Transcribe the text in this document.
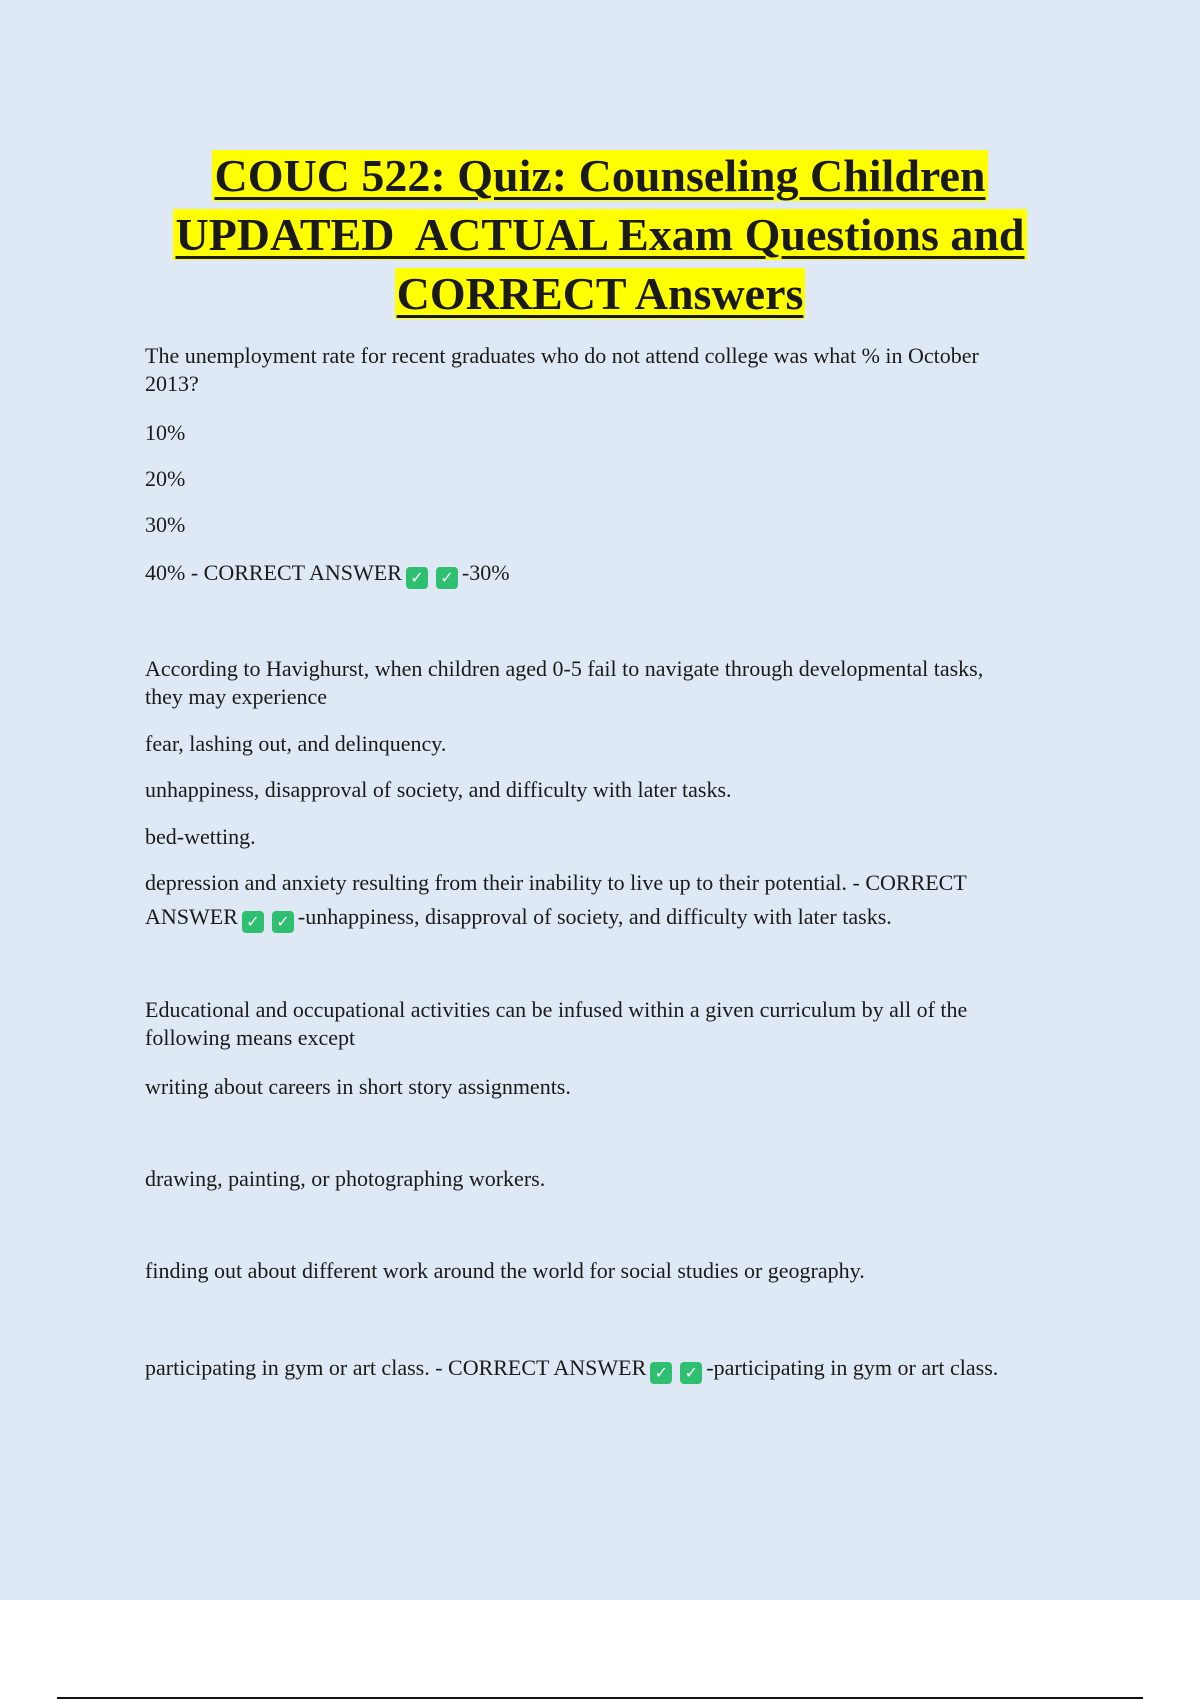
COUC 522: Quiz: Counseling Children
UPDATED  ACTUAL Exam Questions and
CORRECT Answers

The unemployment rate for recent graduates who do not attend college was what % in October
2013?

10%

20%

30%

40% - CORRECT ANSWER ✓ ✓ -30%

According to Havighurst, when children aged 0-5 fail to navigate through developmental tasks,
they may experience

fear, lashing out, and delinquency.

unhappiness, disapproval of society, and difficulty with later tasks.

bed-wetting.

depression and anxiety resulting from their inability to live up to their potential. - CORRECT
ANSWER ✓ ✓ -unhappiness, disapproval of society, and difficulty with later tasks.

Educational and occupational activities can be infused within a given curriculum by all of the
following means except

writing about careers in short story assignments.

drawing, painting, or photographing workers.

finding out about different work around the world for social studies or geography.

participating in gym or art class. - CORRECT ANSWER ✓ ✓ -participating in gym or art class.
